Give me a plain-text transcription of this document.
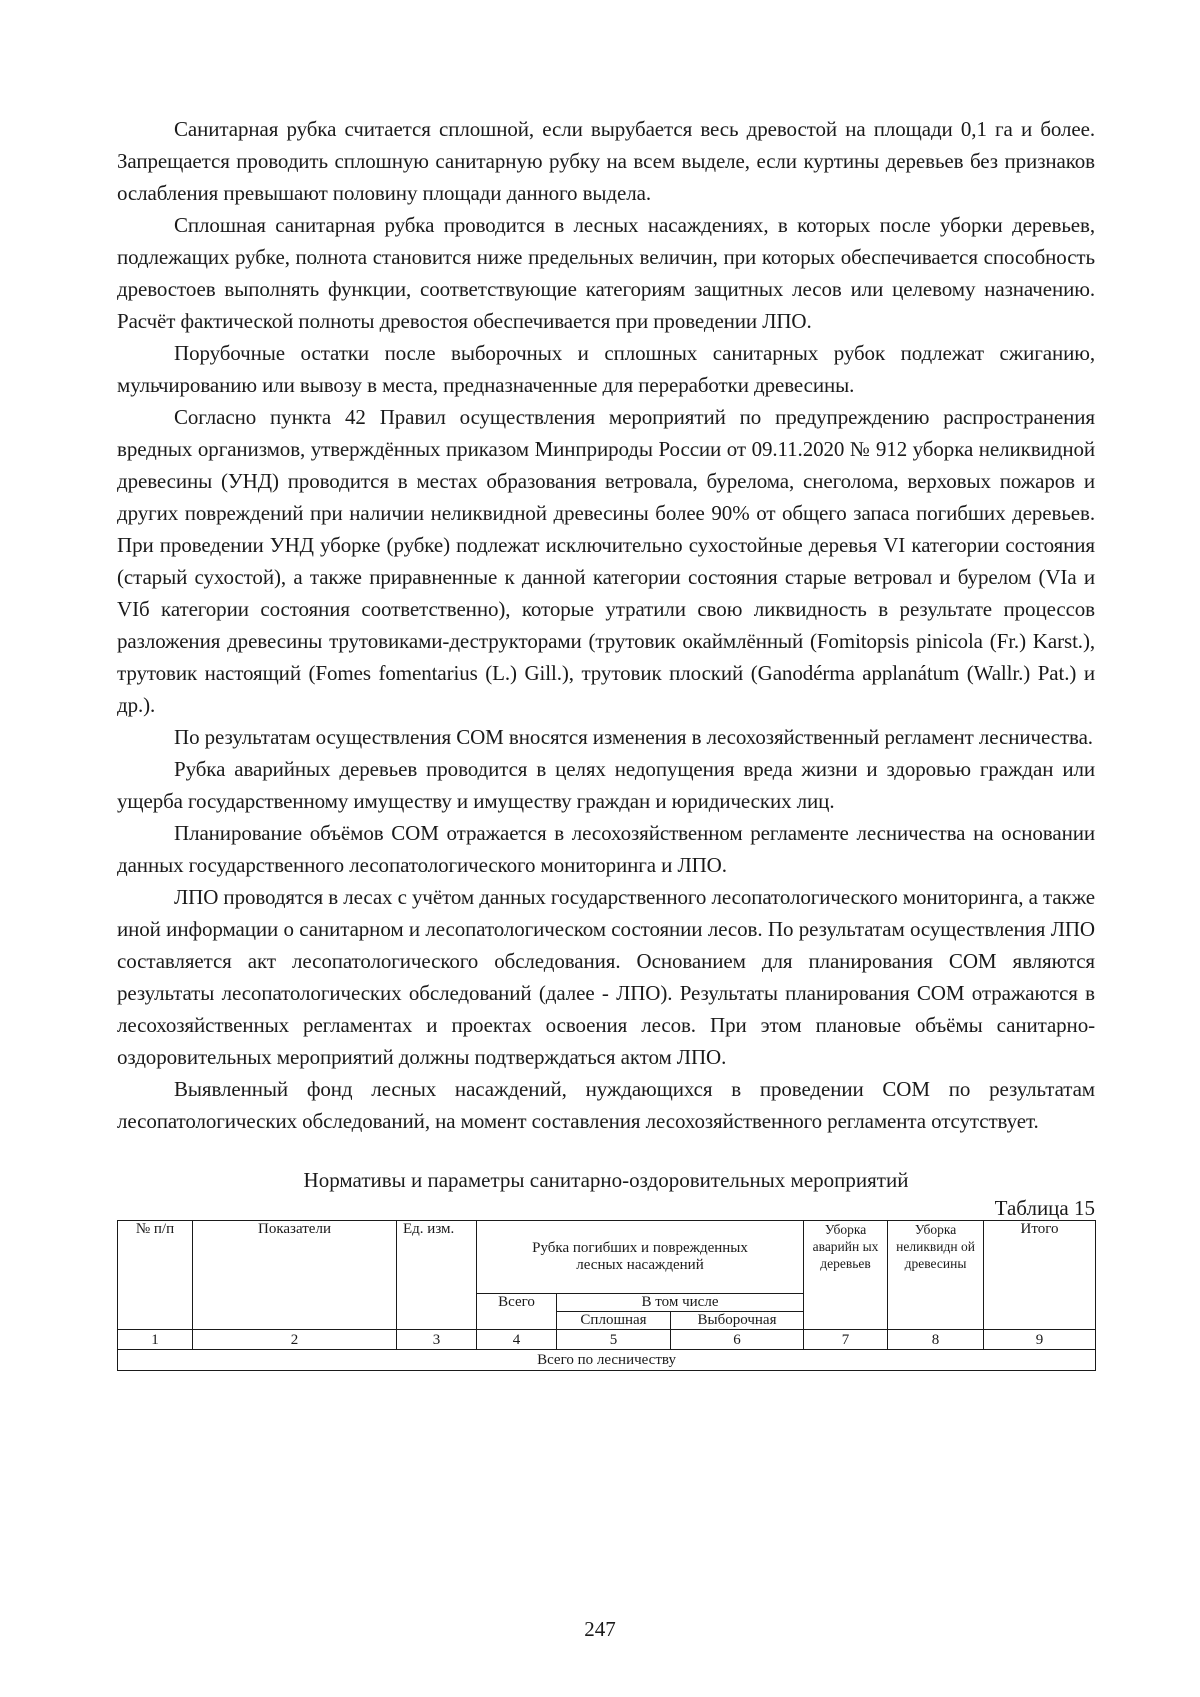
Санитарная рубка считается сплошной, если вырубается весь древостой на площади 0,1 га и более. Запрещается проводить сплошную санитарную рубку на всем выделе, если куртины деревьев без признаков ослабления превышают половину площади данного выдела.

Сплошная санитарная рубка проводится в лесных насаждениях, в которых после уборки деревьев, подлежащих рубке, полнота становится ниже предельных величин, при которых обеспечивается способность древостоев выполнять функции, соответствующие категориям защитных лесов или целевому назначению. Расчёт фактической полноты древостоя обеспечивается при проведении ЛПО.

Порубочные остатки после выборочных и сплошных санитарных рубок подлежат сжиганию, мульчированию или вывозу в места, предназначенные для переработки древесины.

Согласно пункта 42 Правил осуществления мероприятий по предупреждению распространения вредных организмов, утверждённых приказом Минприроды России от 09.11.2020 № 912 уборка неликвидной древесины (УНД) проводится в местах образования ветровала, бурелома, снеголома, верховых пожаров и других повреждений при наличии неликвидной древесины более 90% от общего запаса погибших деревьев. При проведении УНД уборке (рубке) подлежат исключительно сухостойные деревья VI категории состояния (старый сухостой), а также приравненные к данной категории состояния старые ветровал и бурелом (VIа и VIб категории состояния соответственно), которые утратили свою ликвидность в результате процессов разложения древесины трутовиками-деструкторами (трутовик окаймлённый (Fomitopsis pinicola (Fr.) Karst.), трутовик настоящий (Fomes fomentarius (L.) Gill.), трутовик плоский (Ganodérma applanátum (Wallr.) Pat.) и др.).

По результатам осуществления СОМ вносятся изменения в лесохозяйственный регламент лесничества.

Рубка аварийных деревьев проводится в целях недопущения вреда жизни и здоровью граждан или ущерба государственному имуществу и имуществу граждан и юридических лиц.

Планирование объёмов СОМ отражается в лесохозяйственном регламенте лесничества на основании данных государственного лесопатологического мониторинга и ЛПО.

ЛПО проводятся в лесах с учётом данных государственного лесопатологического мониторинга, а также иной информации о санитарном и лесопатологическом состоянии лесов. По результатам осуществления ЛПО составляется акт лесопатологического обследования. Основанием для планирования СОМ являются результаты лесопатологических обследований (далее - ЛПО). Результаты планирования СОМ отражаются в лесохозяйственных регламентах и проектах освоения лесов. При этом плановые объёмы санитарно-оздоровительных мероприятий должны подтверждаться актом ЛПО.

Выявленный фонд лесных насаждений, нуждающихся в проведении СОМ по результатам лесопатологических обследований, на момент составления лесохозяйственного регламента отсутствует.

Нормативы и параметры санитарно-оздоровительных мероприятий
Таблица 15
№ п/п	Показатели	Ед. изм.	Рубка погибших и поврежденных лесных насаждений			Уборка аварийн ых деревьев	Уборка неликвидн ой древесины	Итого
			Всего	В том числе				
				Сплошная	Выборочная			
1	2	3	4	5	6	7	8	9
Всего по лесничеству								
247
